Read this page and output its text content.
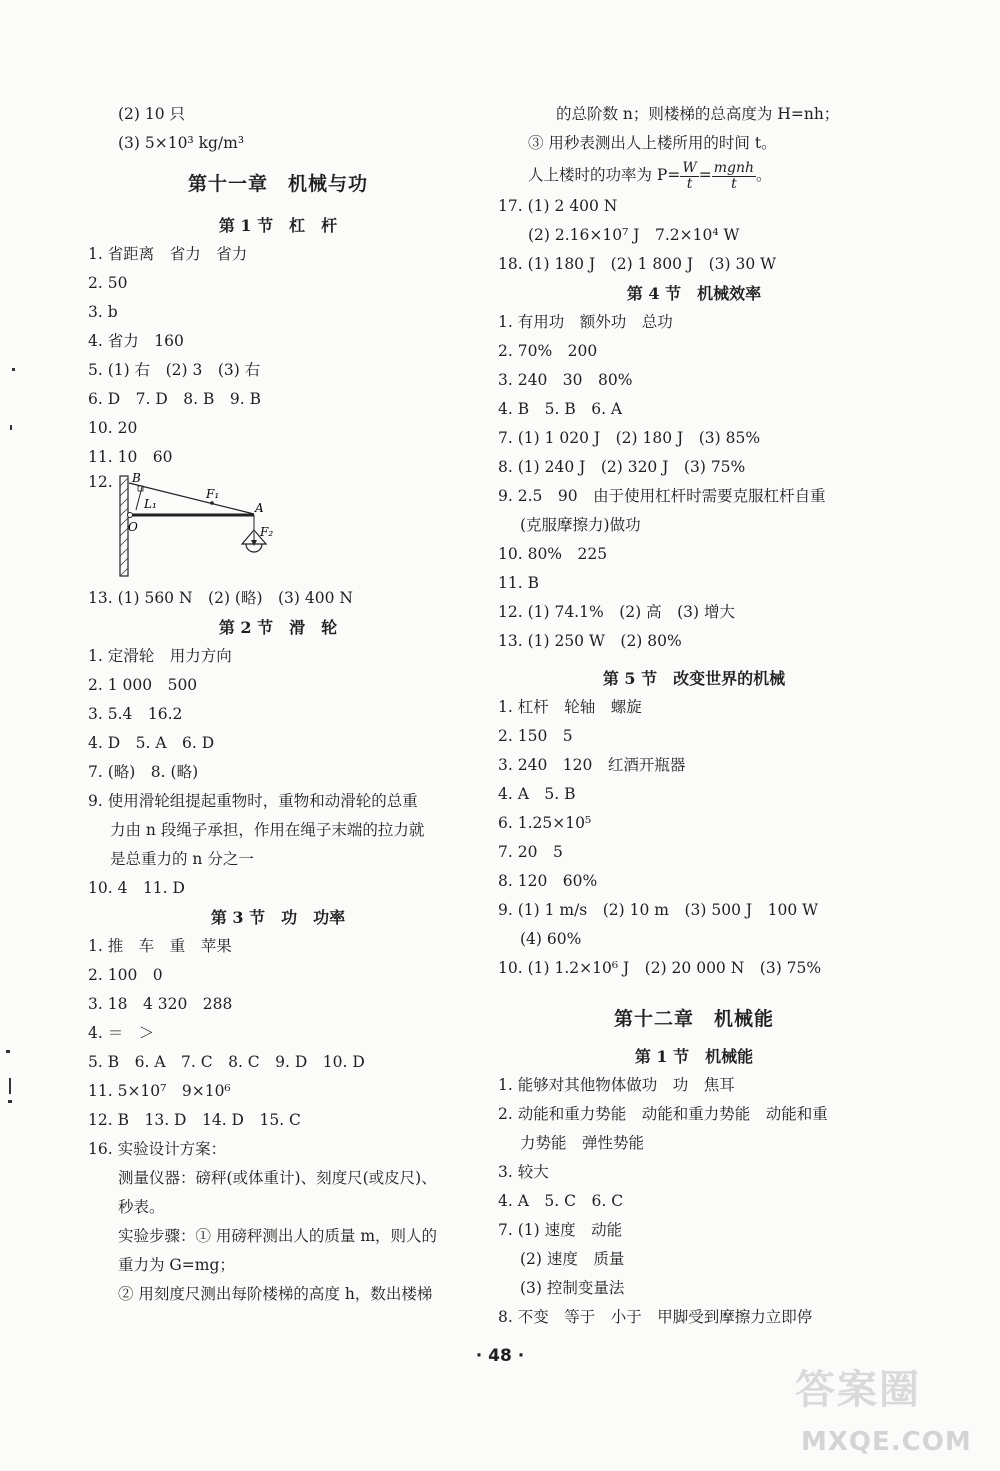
(2) 10 只
(3) 5×10³ kg/m³
第十一章　机械与功
第 1 节　杠　杆
1. 省距离　省力　省力
2. 50
3. b
4. 省力　160
5. (1) 右　(2) 3　(3) 右
6. D　7. D　8. B　9. B
10. 20
11. 10　60
12. B
O
A
F₁
L₁
F₂
13. (1) 560 N　(2) (略)　(3) 400 N
第 2 节　滑　轮
1. 定滑轮　用力方向
2. 1 000　500
3. 5.4　16.2
4. D　5. A　6. D
7. (略)　8. (略)
9. 使用滑轮组提起重物时，重物和动滑轮的总重
力由 n 段绳子承担，作用在绳子末端的拉力就
是总重力的 n 分之一
10. 4　11. D
第 3 节　功　功率
1. 推　车　重　苹果
2. 100　0
3. 18　4 320　288
4. ＝　＞
5. B　6. A　7. C　8. C　9. D　10. D
11. 5×10⁷　9×10⁶
12. B　13. D　14. D　15. C
16. 实验设计方案：
测量仪器：磅秤(或体重计)、刻度尺(或皮尺)、
秒表。
实验步骤：① 用磅秤测出人的质量 m，则人的
重力为 G=mg；
② 用刻度尺测出每阶楼梯的高度 h，数出楼梯
的总阶数 n；则楼梯的总高度为 H=nh；
③ 用秒表测出人上楼所用的时间 t。
人上楼时的功率为 $P= \frac{W}{t} = \frac{\text{mgnh}}{t}$ 。
17. (1) 2 400 N
(2) 2.16×10⁷ J　7.2×10⁴ W
18. (1) 180 J　(2) 1 800 J　(3) 30 W
第 4 节　机械效率
1. 有用功　额外功　总功
2. 70%　200
3. 240　30　80%
4. B　5. B　6. A
7. (1) 1 020 J　(2) 180 J　(3) 85%
8. (1) 240 J　(2) 320 J　(3) 75%
9. 2.5　90　由于使用杠杆时需要克服杠杆自重
(克服摩擦力)做功
10. 80%　225
11. B
12. (1) 74.1%　(2) 高　(3) 增大
13. (1) 250 W　(2) 80%
第 5 节　改变世界的机械
1. 杠杆　轮轴　螺旋
2. 150　5
3. 240　120　红酒开瓶器
4. A　5. B
6. 1.25×10⁵
7. 20　5
8. 120　60%
9. (1) 1 m/s　(2) 10 m　(3) 500 J　100 W
(4) 60%
10. (1) 1.2×10⁶ J　(2) 20 000 N　(3) 75%
第十二章　机械能
第 1 节　机械能
1. 能够对其他物体做功　功　焦耳
2. 动能和重力势能　动能和重力势能　动能和重
力势能　弹性势能
3. 较大
4. A　5. C　6. C
7. (1) 速度　动能
(2) 速度　质量
(3) 控制变量法
8. 不变　等于　小于　甲脚受到摩擦力立即停
· 48 ·
答案圈
MXQE.COM
